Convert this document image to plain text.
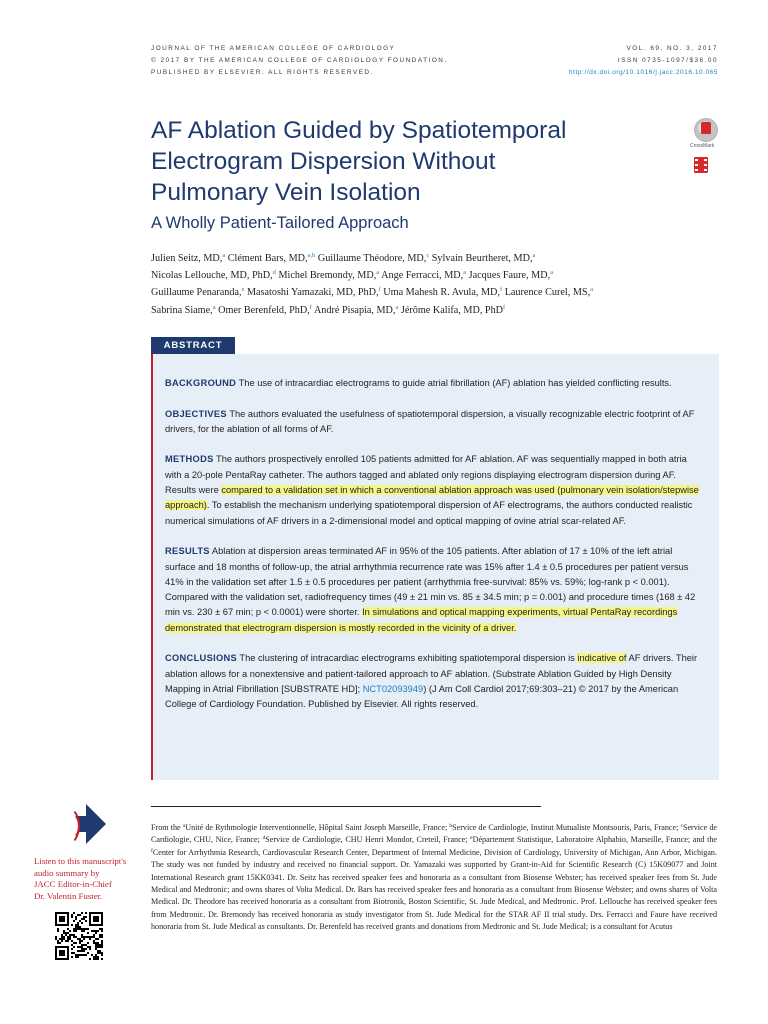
JOURNAL OF THE AMERICAN COLLEGE OF CARDIOLOGY
© 2017 BY THE AMERICAN COLLEGE OF CARDIOLOGY FOUNDATION.
PUBLISHED BY ELSEVIER. ALL RIGHTS RESERVED.
VOL. 69, NO. 3, 2017
ISSN 0735-1097/$36.00
http://dx.doi.org/10.1016/j.jacc.2016.10.065
AF Ablation Guided by Spatiotemporal
Electrogram Dispersion Without
Pulmonary Vein Isolation
A Wholly Patient-Tailored Approach
CrossMark
Julien Seitz, MD,$^a$ Clément Bars, MD,$^{a,b}$ Guillaume Théodore, MD,$^c$ Sylvain Beurtheret, MD,$^a$
Nicolas Lellouche, MD, PhD,$^d$ Michel Bremondy, MD,$^a$ Ange Ferracci, MD,$^a$ Jacques Faure, MD,$^a$
Guillaume Penaranda,$^e$ Masatoshi Yamazaki, MD, PhD,$^f$ Uma Mahesh R. Avula, MD,$^f$ Laurence Curel, MS,$^a$
Sabrina Siame,$^a$ Omer Berenfeld, PhD,$^f$ André Pisapia, MD,$^a$ Jérôme Kalifa, MD, PhD$^f$
ABSTRACT

BACKGROUND The use of intracardiac electrograms to guide atrial fibrillation (AF) ablation has yielded conflicting results.

OBJECTIVES The authors evaluated the usefulness of spatiotemporal dispersion, a visually recognizable electric footprint of AF drivers, for the ablation of all forms of AF.

METHODS The authors prospectively enrolled 105 patients admitted for AF ablation. AF was sequentially mapped in both atria with a 20-pole PentaRay catheter. The authors tagged and ablated only regions displaying electrogram dispersion during AF. Results were compared to a validation set in which a conventional ablation approach was used (pulmonary vein isolation/stepwise approach). To establish the mechanism underlying spatiotemporal dispersion of AF electrograms, the authors conducted realistic numerical simulations of AF drivers in a 2-dimensional model and optical mapping of ovine atrial scar-related AF.

RESULTS Ablation at dispersion areas terminated AF in 95% of the 105 patients. After ablation of 17 ± 10% of the left atrial surface and 18 months of follow-up, the atrial arrhythmia recurrence rate was 15% after 1.4 ± 0.5 procedures per patient versus 41% in the validation set after 1.5 ± 0.5 procedures per patient (arrhythmia free-survival: 85% vs. 59%; log-rank p < 0.001). Compared with the validation set, radiofrequency times (49 ± 21 min vs. 85 ± 34.5 min; p = 0.001) and procedure times (168 ± 42 min vs. 230 ± 67 min; p < 0.0001) were shorter. In simulations and optical mapping experiments, virtual PentaRay recordings demonstrated that electrogram dispersion is mostly recorded in the vicinity of a driver.

CONCLUSIONS The clustering of intracardiac electrograms exhibiting spatiotemporal dispersion is indicative of AF drivers. Their ablation allows for a nonextensive and patient-tailored approach to AF ablation. (Substrate Ablation Guided by High Density Mapping in Atrial Fibrillation [SUBSTRATE HD]; NCT02093949) (J Am Coll Cardiol 2017;69:303–21) © 2017 by the American College of Cardiology Foundation. Published by Elsevier. All rights reserved.

Listen to this manuscript's
audio summary by
JACC Editor-in-Chief
Dr. Valentin Fuster.

From the $^a$Unité de Rythmologie Interventionnelle, Hôpital Saint Joseph Marseille, France; $^b$Service de Cardiologie, Institut Mutualiste Montsouris, Paris, France; $^c$Service de Cardiologie, CHU, Nice, France; $^d$Service de Cardiologie, CHU Henri Mondor, Creteil, France; $^e$Département Statistique, Laboratoire Alphabio, Marseille, France; and the $^f$Center for Arrhythmia Research, Cardiovascular Research Center, Department of Internal Medicine, Division of Cardiology, University of Michigan, Ann Arbor, Michigan. The study was not funded by industry and received no financial support. Dr. Yamazaki was supported by Grant-in-Aid for Scientific Research (C) 15K09077 and Joint International Research grant 15KK0341. Dr. Seitz has received speaker fees and honoraria as a consultant from Biosense Webster; has received speaker fees from St. Jude Medical and Medtronic; and owns shares of Volta Medical. Dr. Bars has received speaker fees and honoraria as a consultant from Biosense Webster; and owns shares of Volta Medical. Dr. Theodore has received honoraria as a consultant from Biotronik, Boston Scientific, St. Jude Medical, and Medtronic. Prof. Lellouche has received speaker fees from Medtronic. Dr. Bremondy has received honoraria as study investigator from St. Jude Medical for the STAR AF II trial study. Drs. Ferracci and Faure have received honoraria from St. Jude Medical as consultants. Dr. Berenfeld has received grants and donations from Medtronic and St. Jude Medical; is a consultant for Acutus
